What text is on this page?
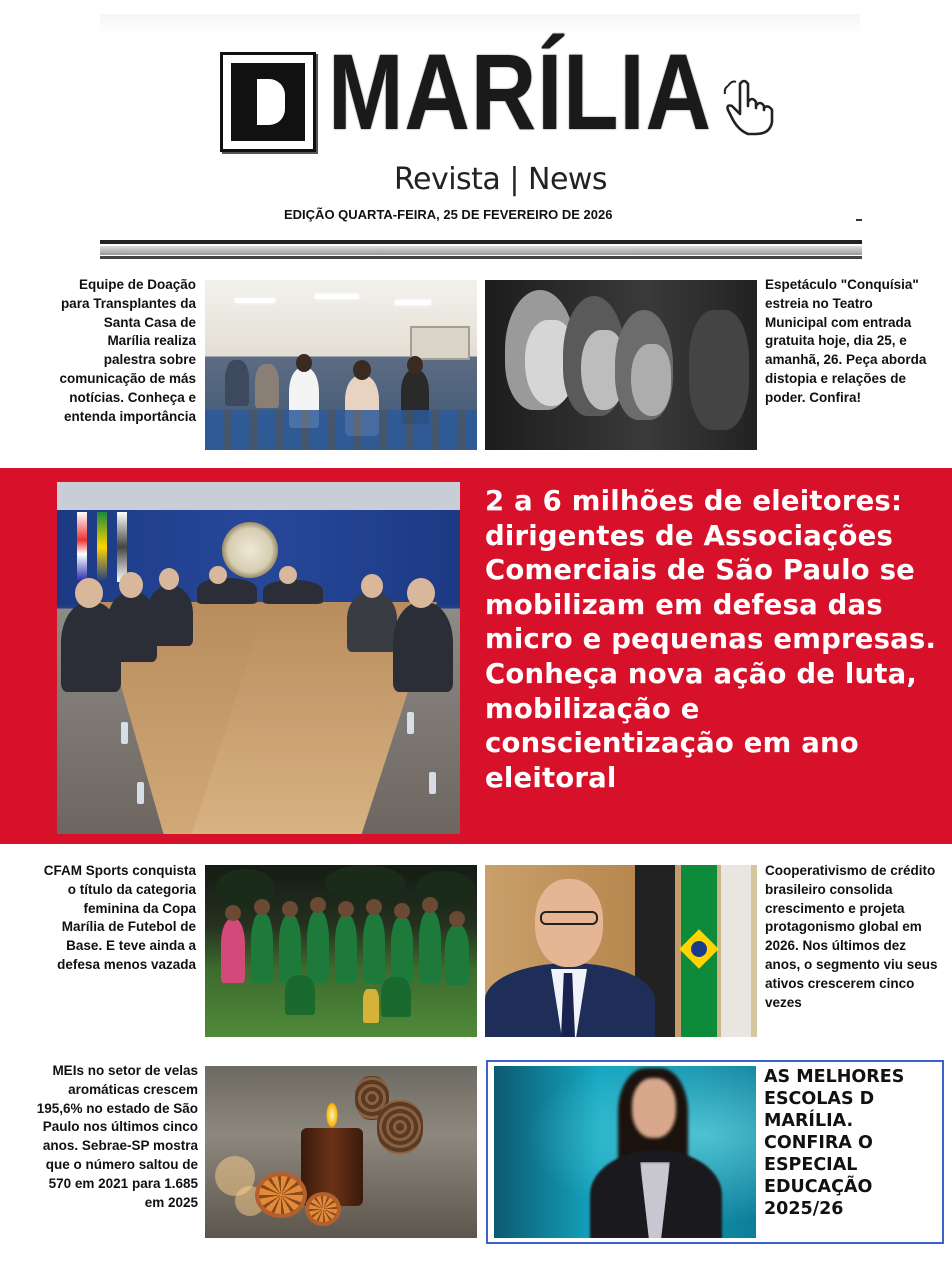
MARÍLIA
Revista | News
EDIÇÃO QUARTA-FEIRA, 25 DE FEVEREIRO DE 2026
Equipe de Doação para Transplantes da Santa Casa de Marília realiza palestra sobre comunicação de más notícias. Conheça e entenda importância
Espetáculo "Conquísia" estreia no Teatro Municipal com entrada gratuita hoje, dia 25, e amanhã, 26. Peça aborda distopia e relações de poder. Confira!
2 a 6 milhões de eleitores: dirigentes de Associações Comerciais de São Paulo se mobilizam em defesa das micro e pequenas empresas. Conheça nova ação de luta, mobilização e conscientização em ano eleitoral
CFAM Sports conquista o título da categoria feminina da Copa Marília de Futebol de Base. E teve ainda a defesa menos vazada
Cooperativismo de crédito brasileiro consolida crescimento e projeta protagonismo global em 2026. Nos últimos dez anos, o segmento viu seus ativos crescerem cinco vezes
MEIs no setor de velas aromáticas crescem 195,6% no estado de São Paulo nos últimos cinco anos. Sebrae-SP mostra que o número saltou de 570 em 2021 para 1.685 em 2025
AS MELHORES ESCOLAS D MARÍLIA. CONFIRA O ESPECIAL EDUCAÇÃO 2025/26
